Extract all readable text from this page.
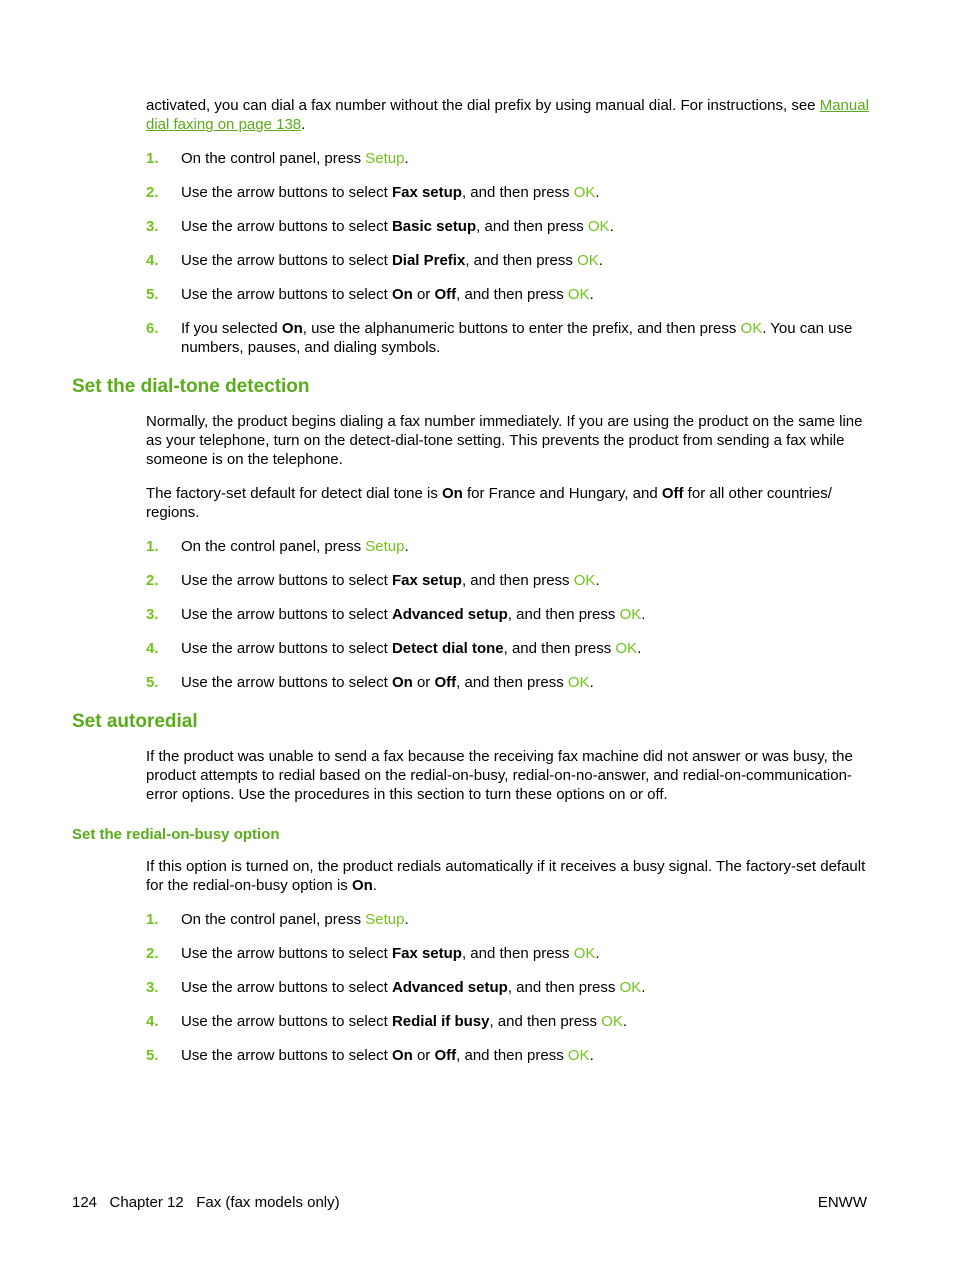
activated, you can dial a fax number without the dial prefix by using manual dial. For instructions, see Manual dial faxing on page 138.

1. On the control panel, press Setup.
2. Use the arrow buttons to select Fax setup, and then press OK.
3. Use the arrow buttons to select Basic setup, and then press OK.
4. Use the arrow buttons to select Dial Prefix, and then press OK.
5. Use the arrow buttons to select On or Off, and then press OK.
6. If you selected On, use the alphanumeric buttons to enter the prefix, and then press OK. You can use numbers, pauses, and dialing symbols.
Set the dial-tone detection

Normally, the product begins dialing a fax number immediately. If you are using the product on the same line as your telephone, turn on the detect-dial-tone setting. This prevents the product from sending a fax while someone is on the telephone.

The factory-set default for detect dial tone is On for France and Hungary, and Off for all other countries/ regions.

1. On the control panel, press Setup.
2. Use the arrow buttons to select Fax setup, and then press OK.
3. Use the arrow buttons to select Advanced setup, and then press OK.
4. Use the arrow buttons to select Detect dial tone, and then press OK.
5. Use the arrow buttons to select On or Off, and then press OK.
Set autoredial

If the product was unable to send a fax because the receiving fax machine did not answer or was busy, the product attempts to redial based on the redial-on-busy, redial-on-no-answer, and redial-on-communication-error options. Use the procedures in this section to turn these options on or off.

Set the redial-on-busy option

If this option is turned on, the product redials automatically if it receives a busy signal. The factory-set default for the redial-on-busy option is On.

1. On the control panel, press Setup.
2. Use the arrow buttons to select Fax setup, and then press OK.
3. Use the arrow buttons to select Advanced setup, and then press OK.
4. Use the arrow buttons to select Redial if busy, and then press OK.
5. Use the arrow buttons to select On or Off, and then press OK.
124   Chapter 12   Fax (fax models only)	ENWW
